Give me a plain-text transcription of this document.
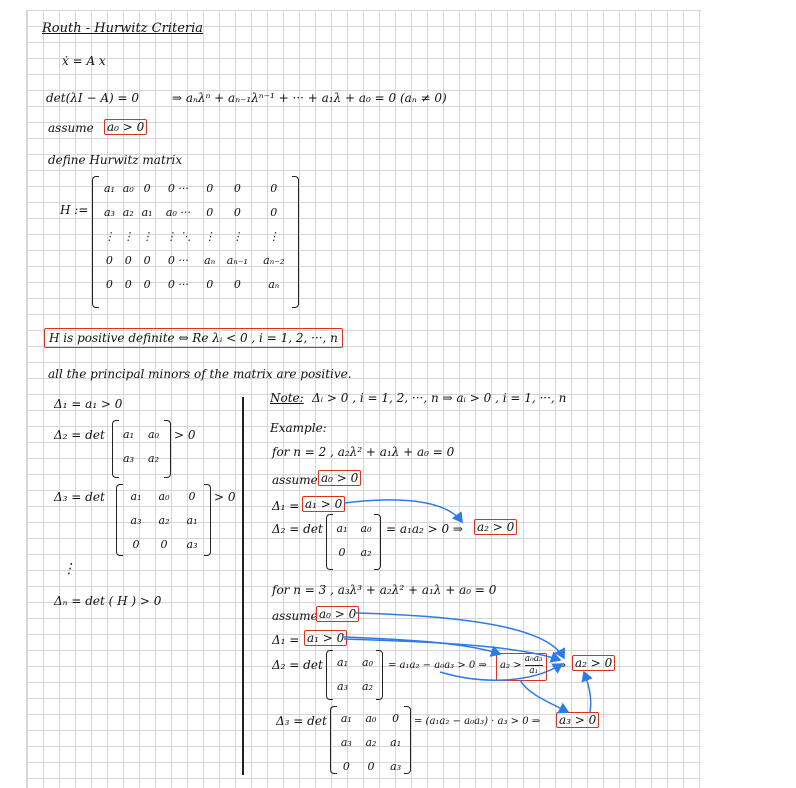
Routh - Hurwitz Criteria
ẋ = A x
det(λI − A) = 0	⇒ aₙλⁿ + aₙ₋₁λⁿ⁻¹ + ··· + a₁λ + a₀ = 0 (aₙ ≠ 0)
assume a₀ > 0
define Hurwitz matrix
H :=
a₁	a₀	0	0 ···	0	0	0
a₃	a₂	a₁	a₀ ···	0	0	0
⋮	⋮	⋮	⋮ ⋱	⋮	⋮	⋮
0	0	0	0 ···	aₙ	aₙ₋₁	aₙ₋₂
0	0	0	0 ···	0	0	aₙ
H is positive definite ⇔ Re λᵢ < 0 , i = 1, 2, ···, n
all the principal minors of the matrix are positive.
Δ₁ = a₁ > 0
Δ₂ = det a₁	a₀
a₃	a₂
> 0
Δ₃ = det a₁	a₀	0
a₃	a₂	a₁
0	0	a₃
> 0
⋮
Δₙ = det ( H ) > 0
Note: Δᵢ > 0 , i = 1, 2, ···, n ⇒ aᵢ > 0 , i = 1, ···, n
Example:
for n = 2 , a₂λ² + a₁λ + a₀ = 0
assume a₀ > 0
Δ₁ = a₁ > 0
Δ₂ = det a₁	a₀
0	a₂
= a₁a₂ > 0 ⇒ a₂ > 0
for n = 3 , a₃λ³ + a₂λ² + a₁λ + a₀ = 0
assume a₀ > 0
Δ₁ = a₁ > 0
Δ₂ = det a₁	a₀
a₃	a₂
= a₁a₂ − a₀a₃ > 0 ⇒	$a_2 > \frac{\text{a₀a₃}}{\text{a₁}}$ ⇒ a₂ > 0
Δ₃ = det a₁	a₀	0
a₃	a₂	a₁
0	0	a₃
= (a₁a₂ − a₀a₃) · a₃ > 0 ⇒ a₃ > 0
